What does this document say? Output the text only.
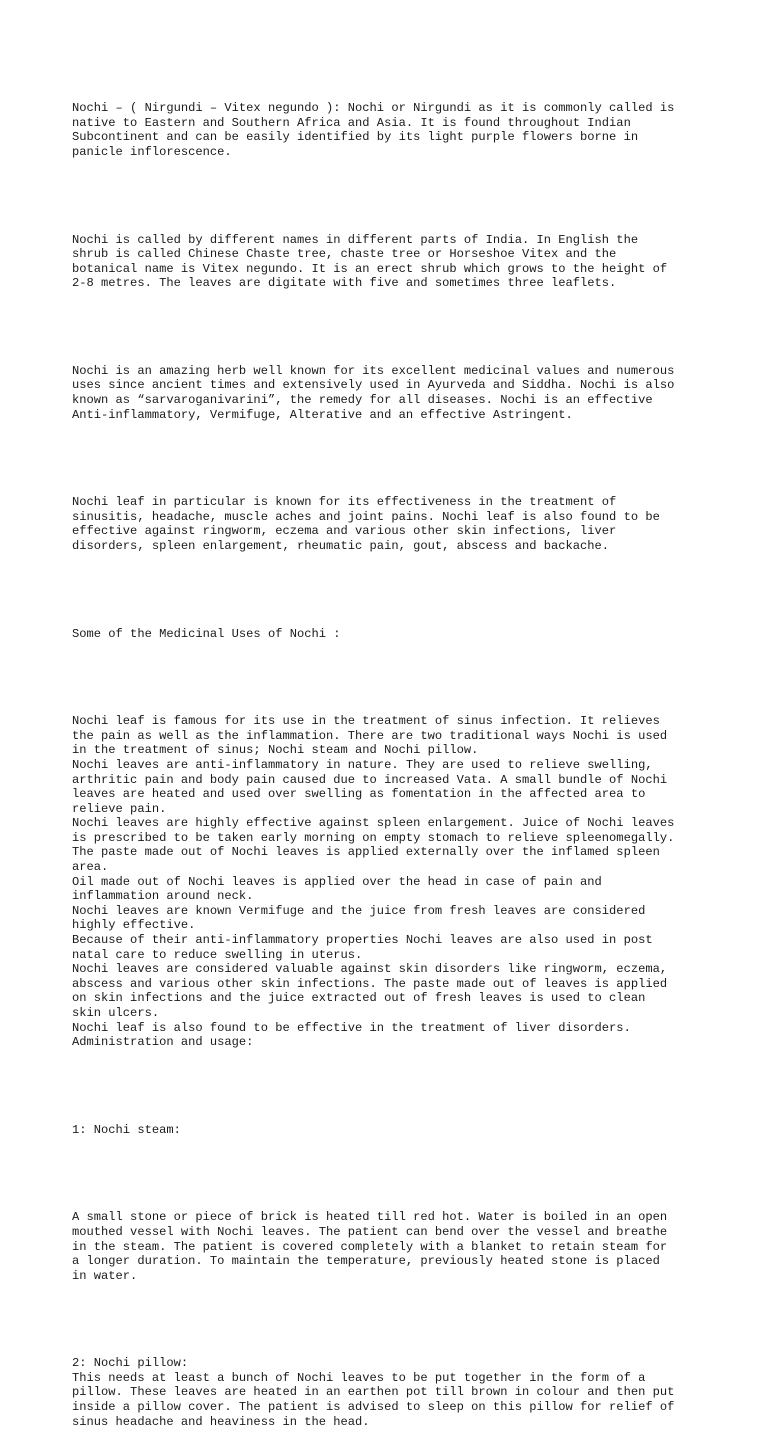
Nochi – ( Nirgundi – Vitex negundo ): Nochi or Nirgundi as it is commonly called is
native to Eastern and Southern Africa and Asia. It is found throughout Indian
Subcontinent and can be easily identified by its light purple flowers borne in
panicle inflorescence.

Nochi is called by different names in different parts of India. In English the
shrub is called Chinese Chaste tree, chaste tree or Horseshoe Vitex and the
botanical name is Vitex negundo. It is an erect shrub which grows to the height of
2-8 metres. The leaves are digitate with five and sometimes three leaflets.

Nochi is an amazing herb well known for its excellent medicinal values and numerous
uses since ancient times and extensively used in Ayurveda and Siddha. Nochi is also
known as “sarvaroganivarini”, the remedy for all diseases. Nochi is an effective
Anti-inflammatory, Vermifuge, Alterative and an effective Astringent.

Nochi leaf in particular is known for its effectiveness in the treatment of
sinusitis, headache, muscle aches and joint pains. Nochi leaf is also found to be
effective against ringworm, eczema and various other skin infections, liver
disorders, spleen enlargement, rheumatic pain, gout, abscess and backache.

Some of the Medicinal Uses of Nochi :

Nochi leaf is famous for its use in the treatment of sinus infection. It relieves
the pain as well as the inflammation. There are two traditional ways Nochi is used
in the treatment of sinus; Nochi steam and Nochi pillow.
Nochi leaves are anti-inflammatory in nature. They are used to relieve swelling,
arthritic pain and body pain caused due to increased Vata. A small bundle of Nochi
leaves are heated and used over swelling as fomentation in the affected area to
relieve pain.
Nochi leaves are highly effective against spleen enlargement. Juice of Nochi leaves
is prescribed to be taken early morning on empty stomach to relieve spleenomegally.
The paste made out of Nochi leaves is applied externally over the inflamed spleen
area.
Oil made out of Nochi leaves is applied over the head in case of pain and
inflammation around neck.
Nochi leaves are known Vermifuge and the juice from fresh leaves are considered
highly effective.
Because of their anti-inflammatory properties Nochi leaves are also used in post
natal care to reduce swelling in uterus.
Nochi leaves are considered valuable against skin disorders like ringworm, eczema,
abscess and various other skin infections. The paste made out of leaves is applied
on skin infections and the juice extracted out of fresh leaves is used to clean
skin ulcers.
Nochi leaf is also found to be effective in the treatment of liver disorders.
Administration and usage:

1: Nochi steam:

A small stone or piece of brick is heated till red hot. Water is boiled in an open
mouthed vessel with Nochi leaves. The patient can bend over the vessel and breathe
in the steam. The patient is covered completely with a blanket to retain steam for
a longer duration. To maintain the temperature, previously heated stone is placed
in water.

2: Nochi pillow:
This needs at least a bunch of Nochi leaves to be put together in the form of a
pillow. These leaves are heated in an earthen pot till brown in colour and then put
inside a pillow cover. The patient is advised to sleep on this pillow for relief of
sinus headache and heaviness in the head.
